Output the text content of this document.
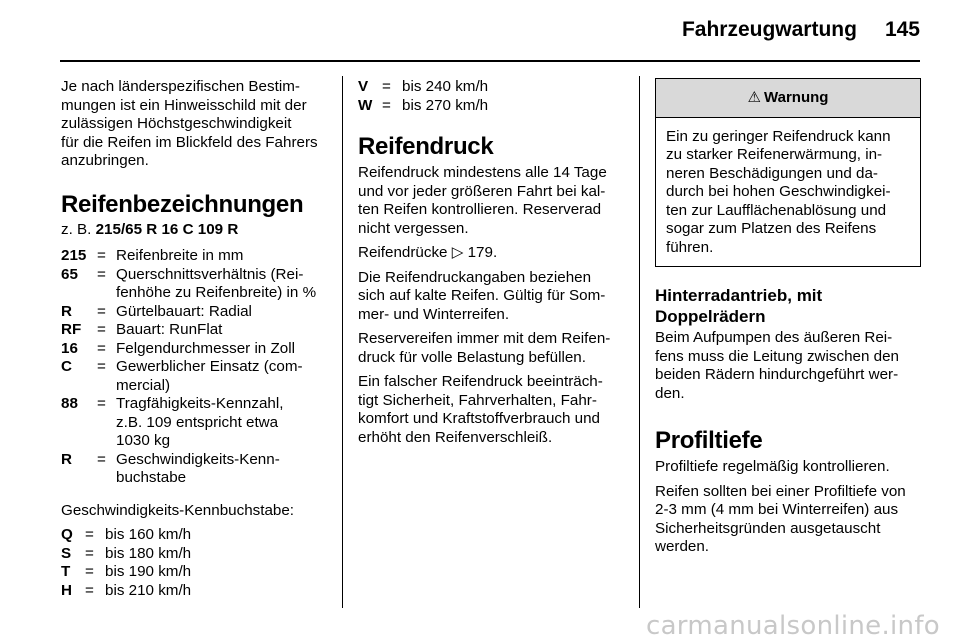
Fahrzeugwartung 145

Je nach länderspezifischen Bestim-
mungen ist ein Hinweisschild mit der
zulässigen Höchstgeschwindigkeit
für die Reifen im Blickfeld des Fahrers
anzubringen.

Reifenbezeichnungen
z. B. 215/65 R 16 C 109 R
215 = Reifenbreite in mm
65	= Querschnittsverhältnis (Rei-
fenhöhe zu Reifenbreite) in %
R	= Gürtelbauart: Radial
RF	= Bauart: RunFlat
16	= Felgendurchmesser in Zoll
C	= Gewerblicher Einsatz (com-
mercial)
88	= Tragfähigkeits-Kennzahl,
z.B. 109 entspricht etwa
1030 kg
R	= Geschwindigkeits-Kenn-
buchstabe

Geschwindigkeits-Kennbuchstabe:

Q = bis 160 km/h
S = bis 180 km/h
T = bis 190 km/h
H = bis 210 km/h
V = bis 240 km/h
W = bis 270 km/h
Reifendruck

Reifendruck mindestens alle 14 Tage
und vor jeder größeren Fahrt bei kal-
ten Reifen kontrollieren. Reserverad
nicht vergessen.

Reifendrücke ▷ 179.

Die Reifendruckangaben beziehen
sich auf kalte Reifen. Gültig für Som-
mer- und Winterreifen.

Reservereifen immer mit dem Reifen-
druck für volle Belastung befüllen.

Ein falscher Reifendruck beeinträch-
tigt Sicherheit, Fahrverhalten, Fahr-
komfort und Kraftstoffverbrauch und
erhöht den Reifenverschleiß.

⚠ Warnung
Ein zu geringer Reifendruck kann
zu starker Reifenerwärmung, in-
neren Beschädigungen und da-
durch bei hohen Geschwindigkei-
ten zur Laufflächenablösung und
sogar zum Platzen des Reifens
führen.
Hinterradantrieb, mit
Doppelrädern

Beim Aufpumpen des äußeren Rei-
fens muss die Leitung zwischen den
beiden Rädern hindurchgeführt wer-
den.

Profiltiefe

Profiltiefe regelmäßig kontrollieren.

Reifen sollten bei einer Profiltiefe von
2-3 mm (4 mm bei Winterreifen) aus
Sicherheitsgründen ausgetauscht
werden.

carmanualsonline.info
